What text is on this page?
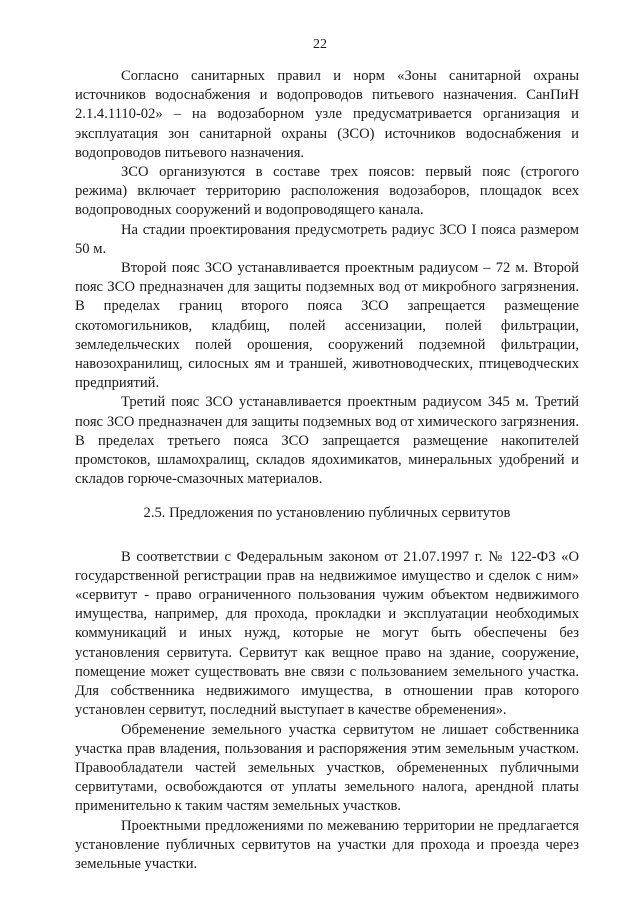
22

Согласно санитарных правил и норм «Зоны санитарной охраны источников водоснабжения и водопроводов питьевого назначения. СанПиН 2.1.4.1110-02» – на водозаборном узле предусматривается организация и эксплуатация зон санитарной охраны (ЗСО) источников водоснабжения и водопроводов питьевого назначения.

ЗСО организуются в составе трех поясов: первый пояс (строгого режима) включает территорию расположения водозаборов, площадок всех водопроводных сооружений и водопроводящего канала.

На стадии проектирования предусмотреть радиус ЗСО I пояса размером 50 м.

Второй пояс ЗСО устанавливается проектным радиусом – 72 м. Второй пояс ЗСО предназначен для защиты подземных вод от микробного загрязнения. В пределах границ второго пояса ЗСО запрещается размещение скотомогильников, кладбищ, полей ассенизации, полей фильтрации, земледельческих полей орошения, сооружений подземной фильтрации, навозохранилищ, силосных ям и траншей, животноводческих, птицеводческих предприятий.

Третий пояс ЗСО устанавливается проектным радиусом 345 м. Третий пояс ЗСО предназначен для защиты подземных вод от химического загрязнения. В пределах третьего пояса ЗСО запрещается размещение накопителей промстоков, шламохралищ, складов ядохимикатов, минеральных удобрений и складов горюче-смазочных материалов.

2.5. Предложения по установлению публичных сервитутов

В соответствии с Федеральным законом от 21.07.1997 г. № 122-ФЗ «О государственной регистрации прав на недвижимое имущество и сделок с ним» «сервитут - право ограниченного пользования чужим объектом недвижимого имущества, например, для прохода, прокладки и эксплуатации необходимых коммуникаций и иных нужд, которые не могут быть обеспечены без установления сервитута. Сервитут как вещное право на здание, сооружение, помещение может существовать вне связи с пользованием земельного участка. Для собственника недвижимого имущества, в отношении прав которого установлен сервитут, последний выступает в качестве обременения».

Обременение земельного участка сервитутом не лишает собственника участка прав владения, пользования и распоряжения этим земельным участком. Правообладатели частей земельных участков, обремененных публичными сервитутами, освобождаются от уплаты земельного налога, арендной платы применительно к таким частям земельных участков.

Проектными предложениями по межеванию территории не предлагается установление публичных сервитутов на участки для прохода и проезда через земельные участки.
